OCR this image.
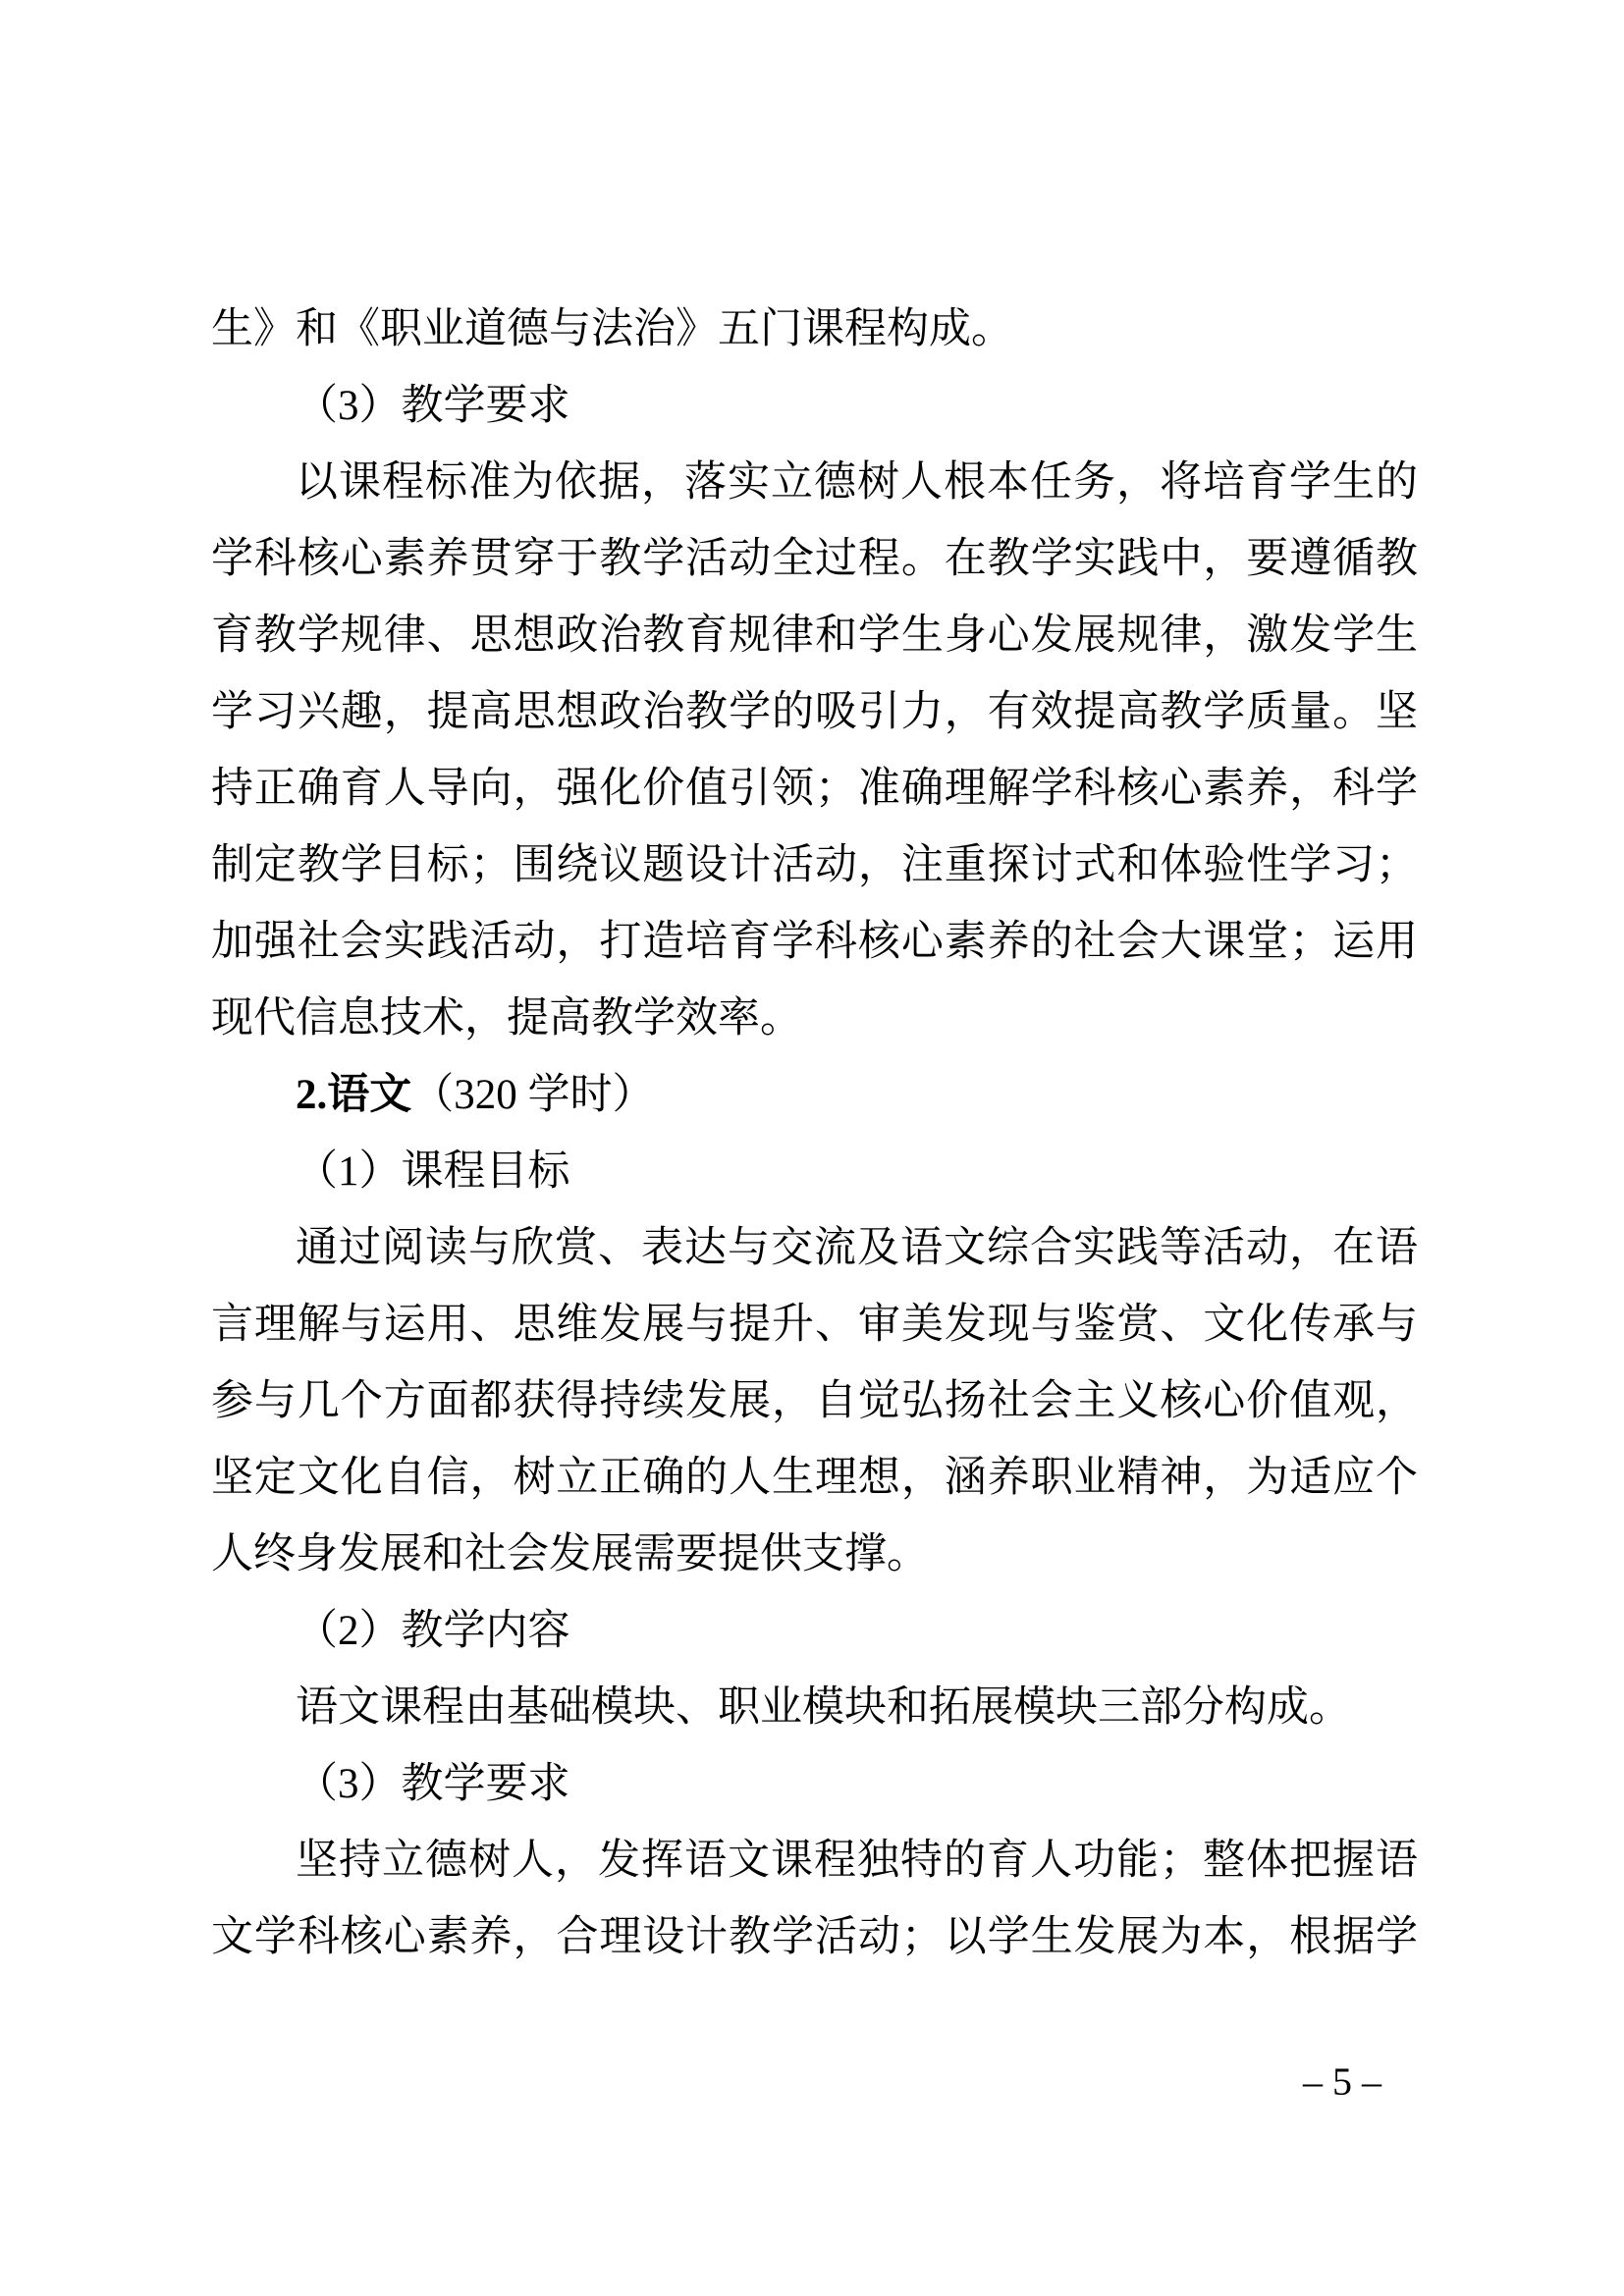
生》和《职业道德与法治》五门课程构成。
（3）教学要求
以课程标准为依据，落实立德树人根本任务，将培育学生的
学科核心素养贯穿于教学活动全过程。在教学实践中，要遵循教
育教学规律、思想政治教育规律和学生身心发展规律，激发学生
学习兴趣，提高思想政治教学的吸引力，有效提高教学质量。坚
持正确育人导向，强化价值引领；准确理解学科核心素养，科学
制定教学目标；围绕议题设计活动，注重探讨式和体验性学习；
加强社会实践活动，打造培育学科核心素养的社会大课堂；运用
现代信息技术，提高教学效率。
2.语文（320 学时）
（1）课程目标
通过阅读与欣赏、表达与交流及语文综合实践等活动，在语
言理解与运用、思维发展与提升、审美发现与鉴赏、文化传承与
参与几个方面都获得持续发展，自觉弘扬社会主义核心价值观，
坚定文化自信，树立正确的人生理想，涵养职业精神，为适应个
人终身发展和社会发展需要提供支撑。
（2）教学内容
语文课程由基础模块、职业模块和拓展模块三部分构成。
（3）教学要求
坚持立德树人，发挥语文课程独特的育人功能；整体把握语
文学科核心素养，合理设计教学活动；以学生发展为本，根据学
– 5 –
